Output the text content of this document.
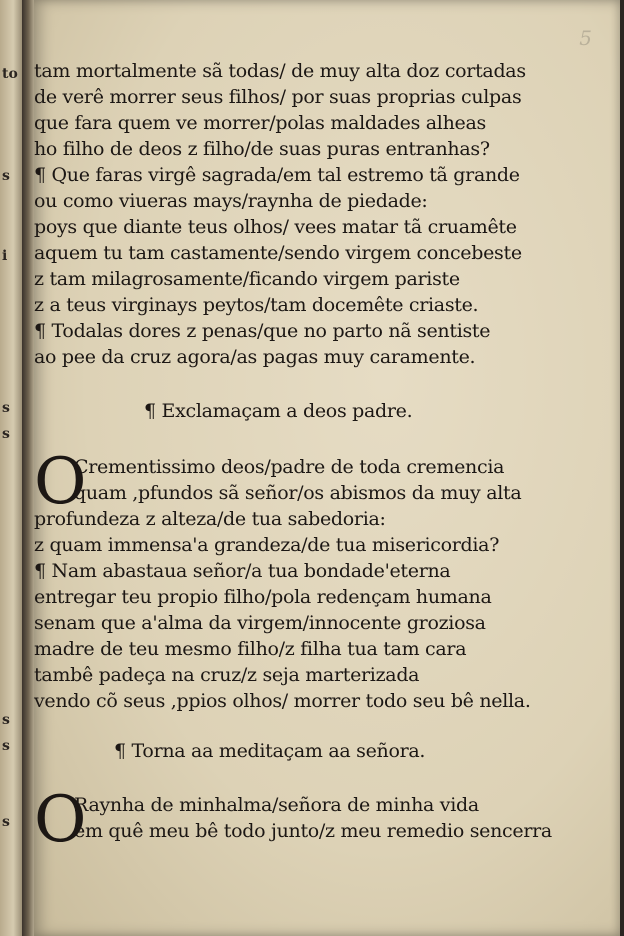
to
s
i
s
s
s
s
s
5
tam mortalmente sã todas/ de muy alta doz cortadas
de verê morrer seus filhos/ por suas proprias culpas
que fara quem ve morrer/polas maldades alheas
ho filho de deos z filho/de suas puras entranhas?
¶ Que faras virgê sagrada/em tal estremo tã grande
ou como viueras mays/raynha de piedade:
poys que diante teus olhos/ vees matar tã cruamête
aquem tu tam castamente/sendo virgem concebeste
z tam milagrosamente/ficando virgem pariste
z a teus virginays peytos/tam docemête criaste.
¶ Todalas dores z penas/que no parto nã sentiste
ao pee da cruz agora/as pagas muy caramente.
¶ Exclamaçam a deos padre.
O
Crementissimo deos/padre de toda cremencia
quam ,pfundos sã señor/os abismos da muy alta
profundeza z alteza/de tua sabedoria:
z quam immensa'a grandeza/de tua misericordia?
¶ Nam abastaua señor/a tua bondade'eterna
entregar teu propio filho/pola redençam humana
senam que a'alma da virgem/innocente groziosa
madre de teu mesmo filho/z filha tua tam cara
tambê padeça na cruz/z seja marterizada
vendo cõ seus ,ppios olhos/ morrer todo seu bê nella.
¶ Torna aa meditaçam aa señora.
O
Raynha de minhalma/señora de minha vida
em quê meu bê todo junto/z meu remedio sencerra
